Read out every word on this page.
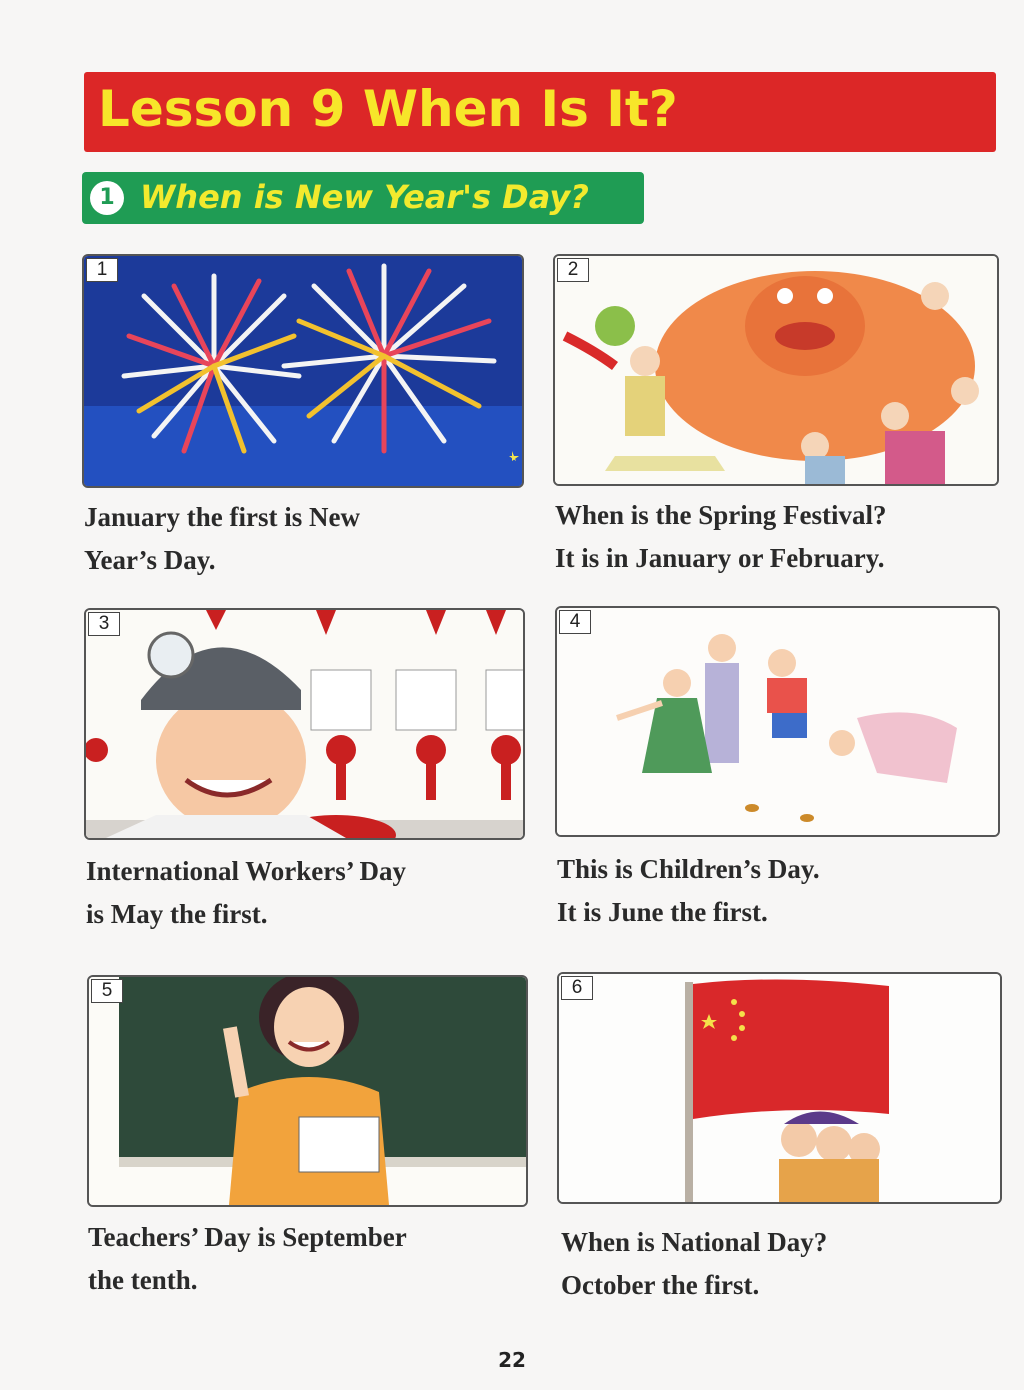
Lesson 9 When Is It?
1 When is New Year's Day?
1

January the first is New
Year’s Day.

2

When is the Spring Festival?
It is in January or February.

3

International Workers’ Day
is May the first.

4

This is Children’s Day.
It is June the first.

5

Teachers’ Day is September
the tenth.

6

When is National Day?
October the first.

22
